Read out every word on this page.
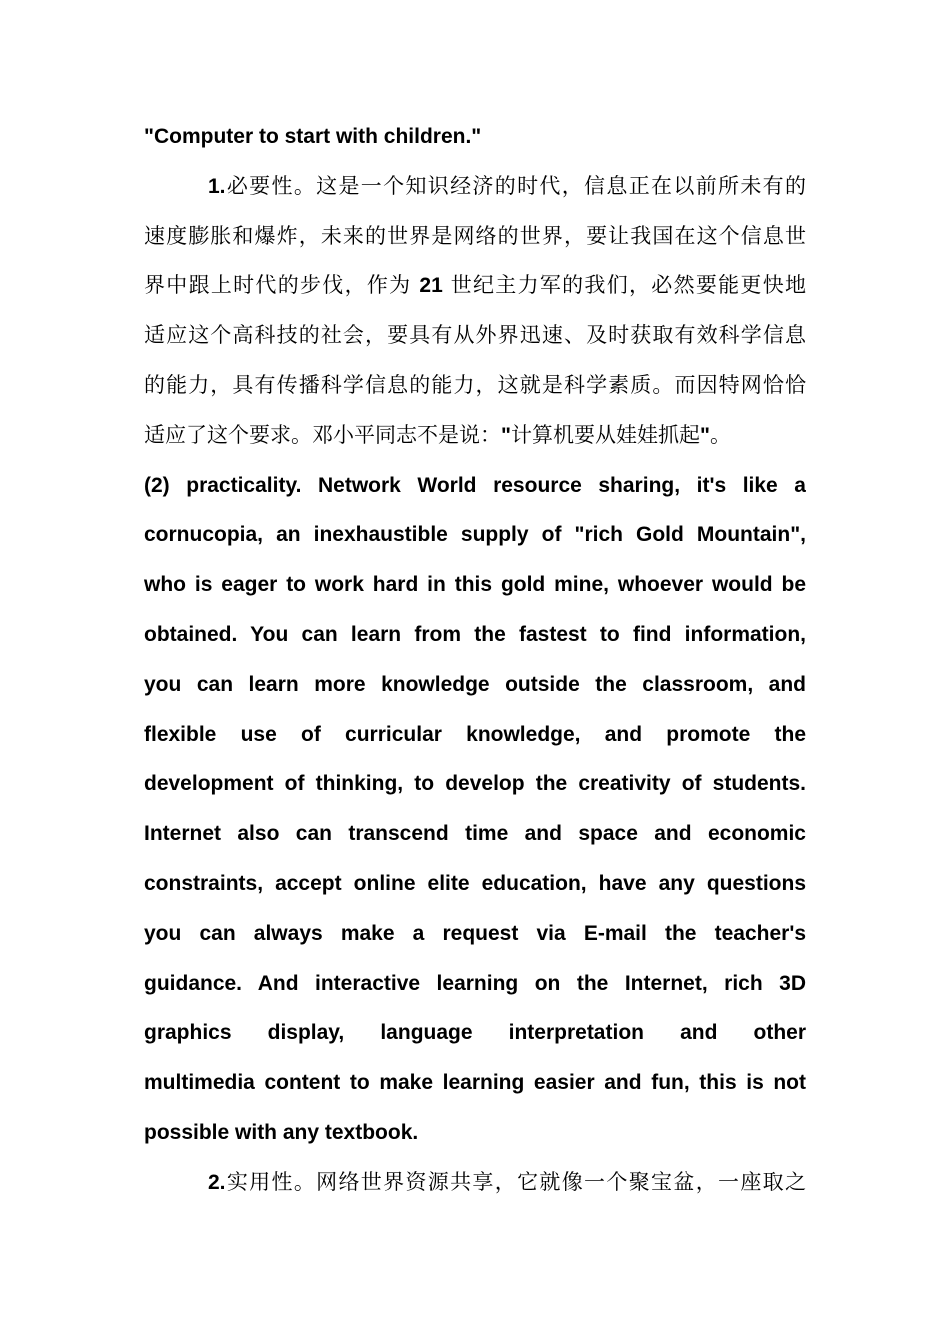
"Computer to start with children."

1.必要性。这是一个知识经济的时代，信息正在以前所未有的

速度膨胀和爆炸，未来的世界是网络的世界，要让我国在这个信息世

界中跟上时代的步伐，作为 21 世纪主力军的我们，必然要能更快地

适应这个高科技的社会，要具有从外界迅速、及时获取有效科学信息

的能力，具有传播科学信息的能力，这就是科学素质。而因特网恰恰

适应了这个要求。邓小平同志不是说："计算机要从娃娃抓起"。

(2) practicality. Network World resource sharing, it's like a

cornucopia, an inexhaustible supply of "rich Gold Mountain",

who is eager to work hard in this gold mine, whoever would be

obtained. You can learn from the fastest to find information,

you can learn more knowledge outside the classroom, and

flexible use of curricular knowledge, and promote the

development of thinking, to develop the creativity of students.

Internet also can transcend time and space and economic

constraints, accept online elite education, have any questions

you can always make a request via E-mail the teacher's

guidance. And interactive learning on the Internet, rich 3D

graphics display, language interpretation and other

multimedia content to make learning easier and fun, this is not

possible with any textbook.

2.实用性。网络世界资源共享，它就像一个聚宝盆，一座取之
